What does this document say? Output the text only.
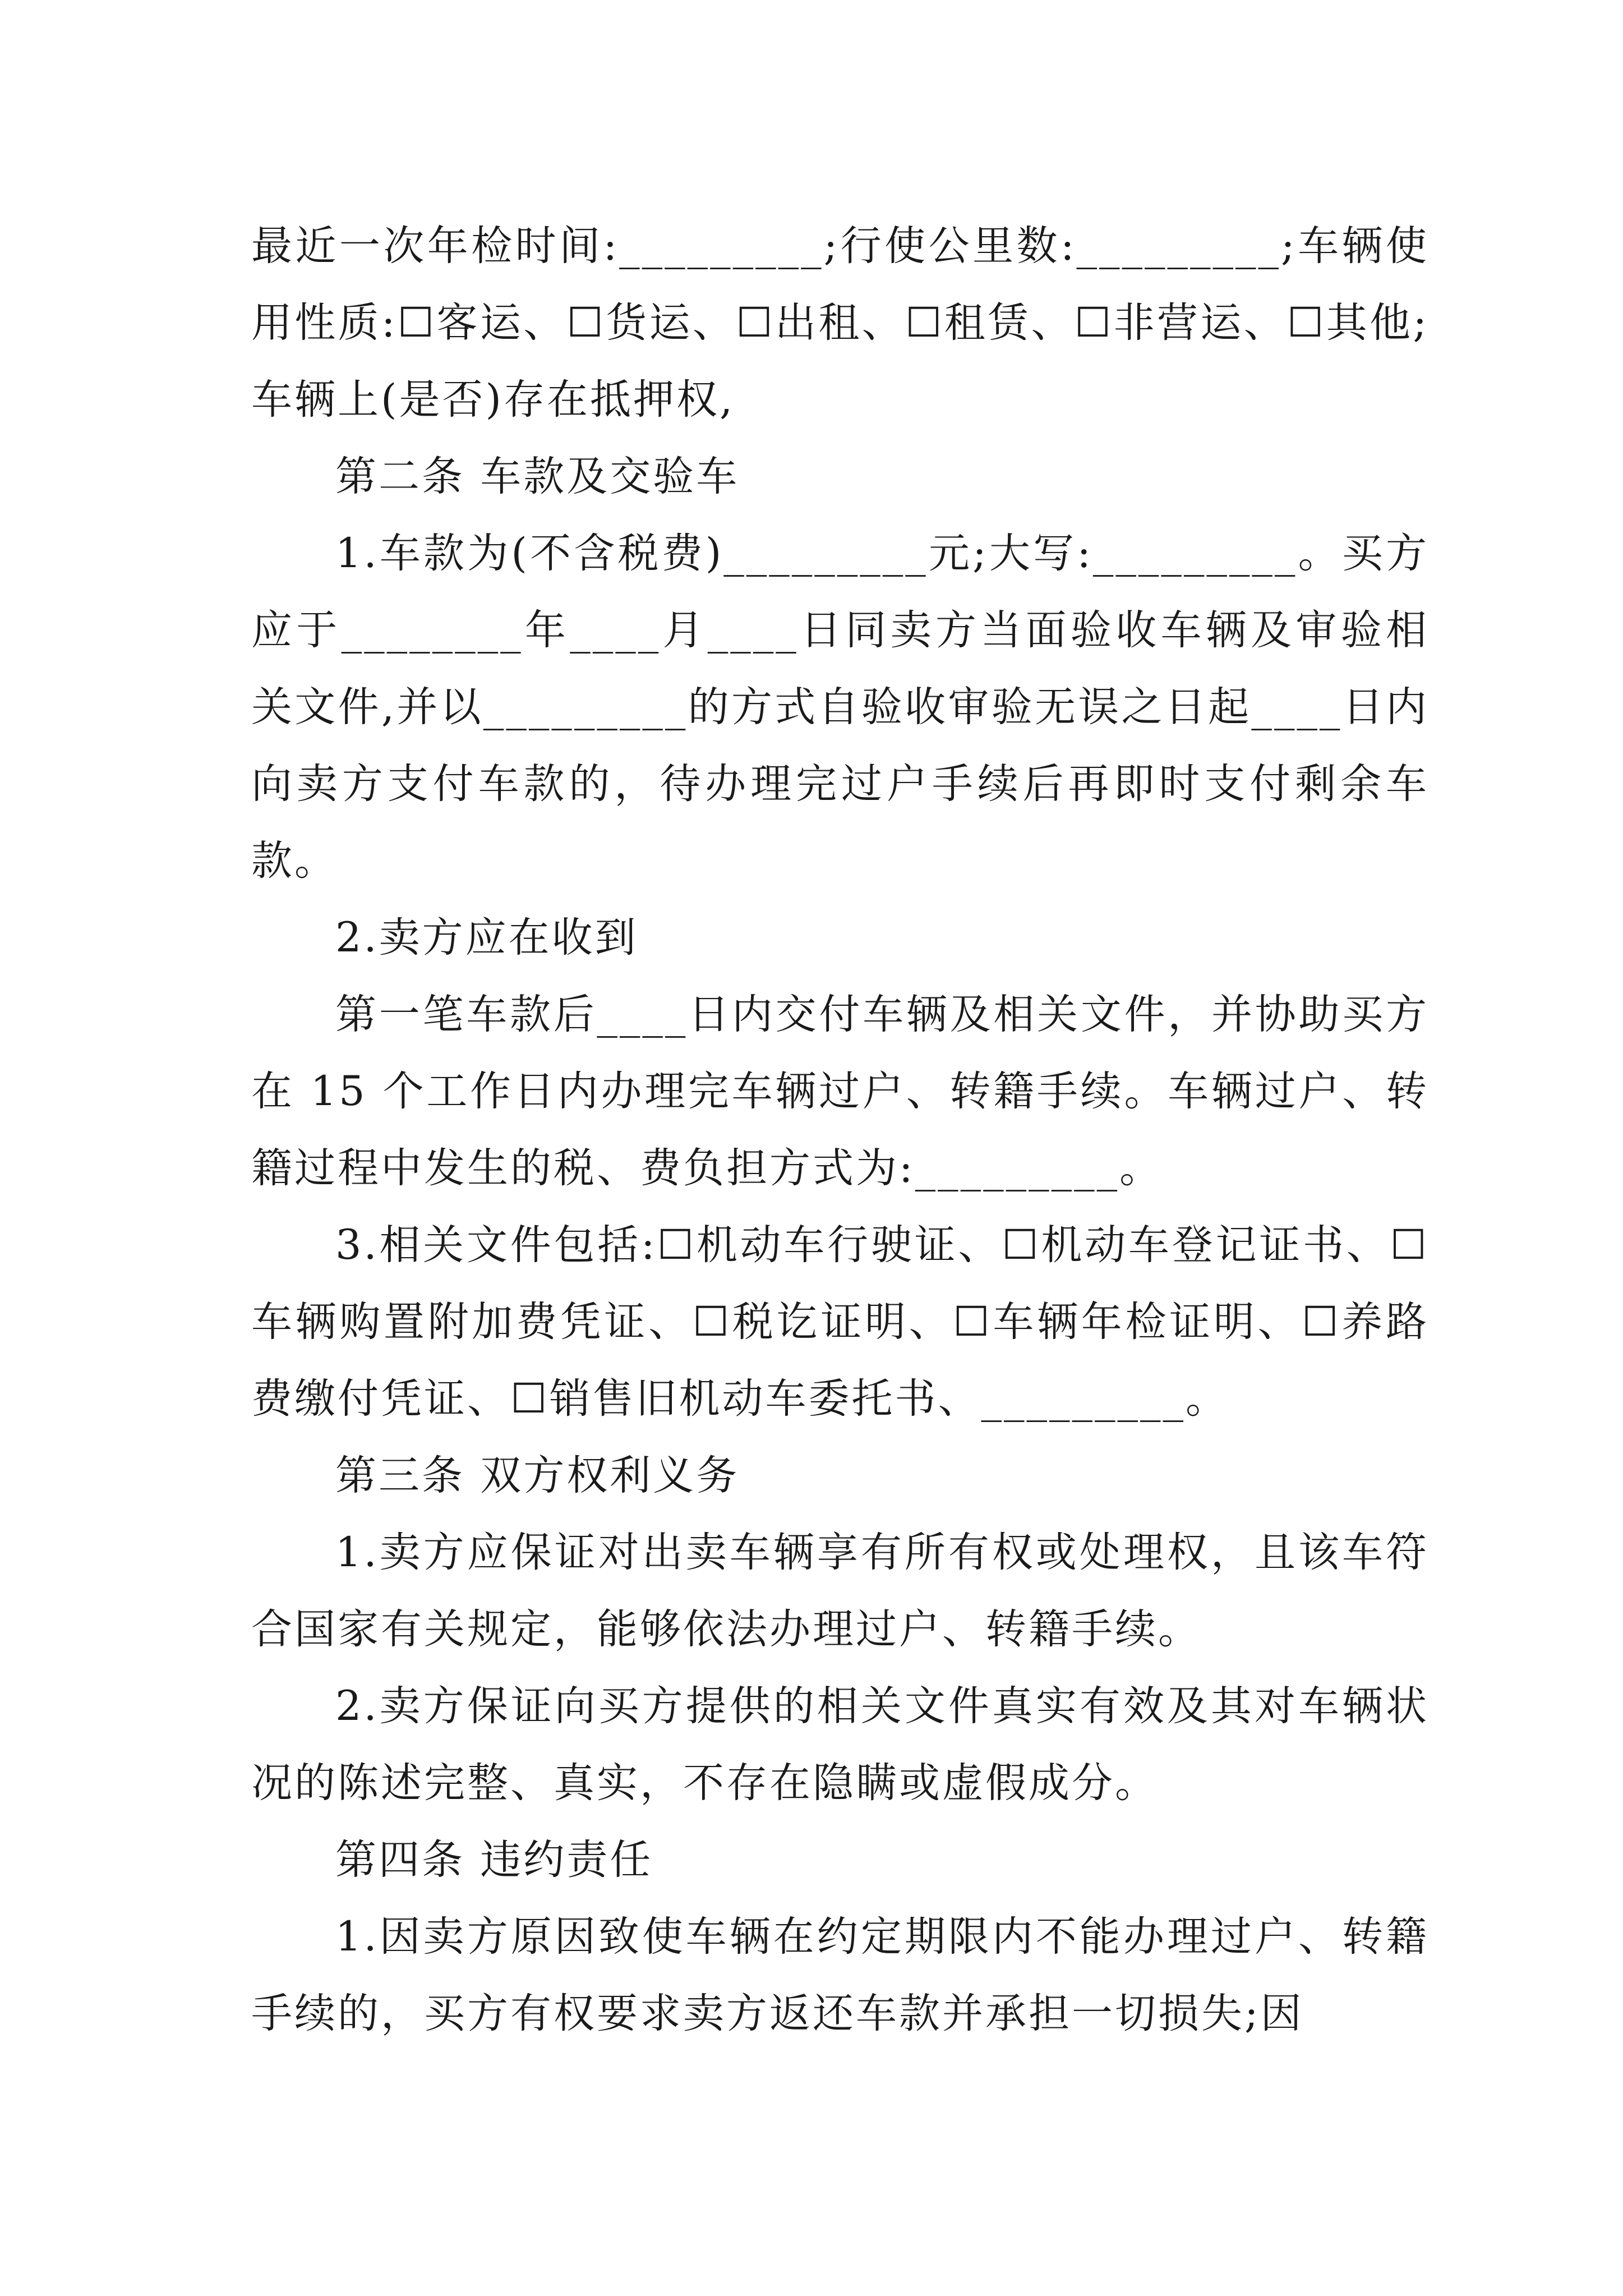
最近一次年检时间:_________;行使公里数:_________;车辆使用性质:☐客运、☐货运、☐出租、☐租赁、☐非营运、☐其他;车辆上(是否)存在抵押权,

第二条 车款及交验车

1.车款为(不含税费)_________元;大写:_________。买方应于________年____月____日同卖方当面验收车辆及审验相关文件,并以_________的方式自验收审验无误之日起____日内向卖方支付车款的，待办理完过户手续后再即时支付剩余车款。

2.卖方应在收到

第一笔车款后____日内交付车辆及相关文件，并协助买方在 15 个工作日内办理完车辆过户、转籍手续。车辆过户、转籍过程中发生的税、费负担方式为:_________。

3.相关文件包括:☐机动车行驶证、☐机动车登记证书、☐车辆购置附加费凭证、☐税讫证明、☐车辆年检证明、☐养路费缴付凭证、☐销售旧机动车委托书、_________。

第三条 双方权利义务

1.卖方应保证对出卖车辆享有所有权或处理权，且该车符合国家有关规定，能够依法办理过户、转籍手续。

2.卖方保证向买方提供的相关文件真实有效及其对车辆状况的陈述完整、真实，不存在隐瞒或虚假成分。

第四条 违约责任

1.因卖方原因致使车辆在约定期限内不能办理过户、转籍手续的，买方有权要求卖方返还车款并承担一切损失;因
